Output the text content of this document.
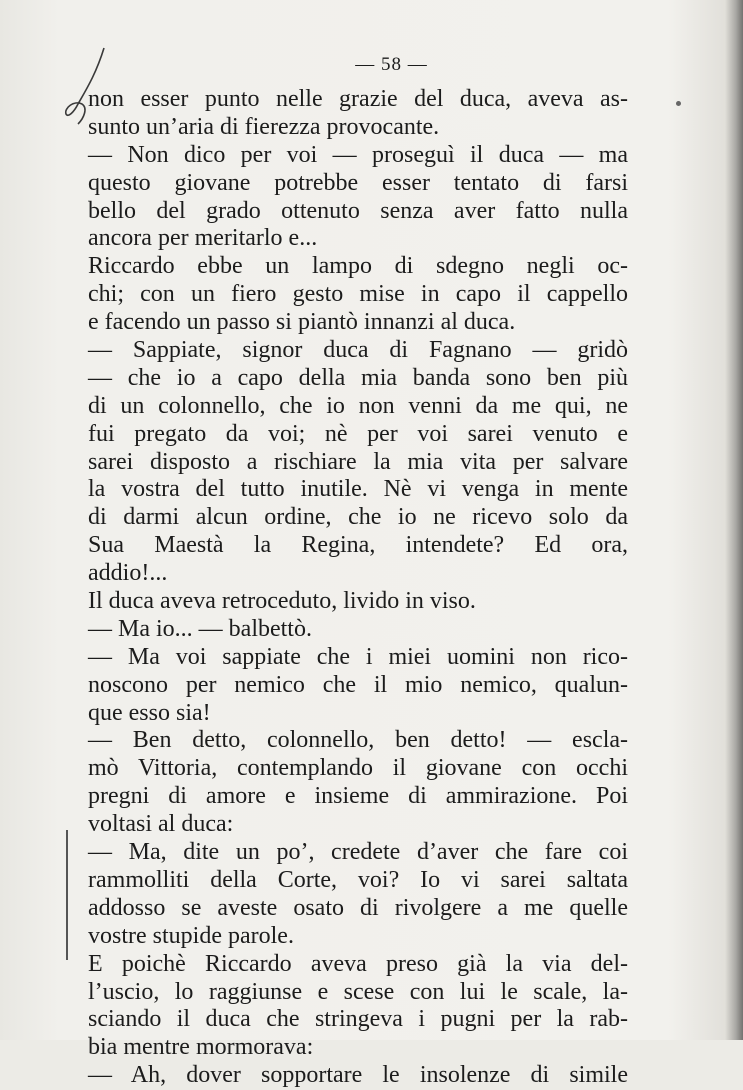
— 58 —
non esser punto nelle grazie del duca, aveva as-
sunto un’aria di fierezza provocante.
— Non dico per voi — proseguì il duca — ma
questo giovane potrebbe esser tentato di farsi
bello del grado ottenuto senza aver fatto nulla
ancora per meritarlo e...
Riccardo ebbe un lampo di sdegno negli oc-
chi; con un fiero gesto mise in capo il cappello
e facendo un passo si piantò innanzi al duca.
— Sappiate, signor duca di Fagnano — gridò
— che io a capo della mia banda sono ben più
di un colonnello, che io non venni da me qui, ne
fui pregato da voi; nè per voi sarei venuto e
sarei disposto a rischiare la mia vita per salvare
la vostra del tutto inutile. Nè vi venga in mente
di darmi alcun ordine, che io ne ricevo solo da
Sua Maestà la Regina, intendete? Ed ora,
addio!...
Il duca aveva retroceduto, livido in viso.
— Ma io... — balbettò.
— Ma voi sappiate che i miei uomini non rico-
noscono per nemico che il mio nemico, qualun-
que esso sia!
— Ben detto, colonnello, ben detto! — escla-
mò Vittoria, contemplando il giovane con occhi
pregni di amore e insieme di ammirazione. Poi
voltasi al duca:
— Ma, dite un po’, credete d’aver che fare coi
rammolliti della Corte, voi? Io vi sarei saltata
addosso se aveste osato di rivolgere a me quelle
vostre stupide parole.
E poichè Riccardo aveva preso già la via del-
l’uscio, lo raggiunse e scese con lui le scale, la-
sciando il duca che stringeva i pugni per la rab-
bia mentre mormorava:
— Ah, dover sopportare le insolenze di simile
